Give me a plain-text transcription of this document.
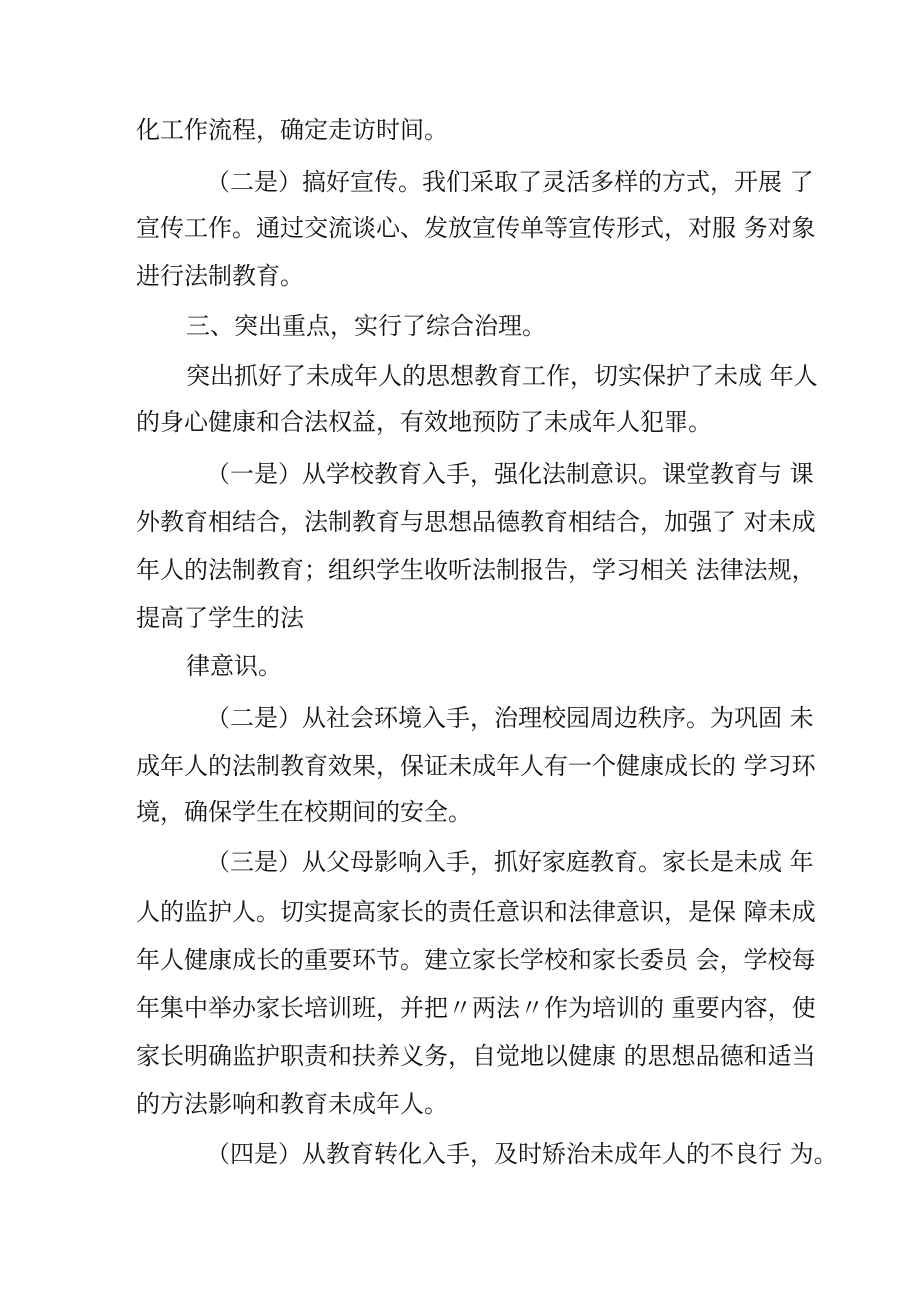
化工作流程，确定走访时间。
（二是）搞好宣传。我们采取了灵活多样的方式，开展 了
宣传工作。通过交流谈心、发放宣传单等宣传形式，对服 务对象
进行法制教育。
三、突出重点，实行了综合治理。
突出抓好了未成年人的思想教育工作，切实保护了未成 年人
的身心健康和合法权益，有效地预防了未成年人犯罪。
（一是）从学校教育入手，强化法制意识。课堂教育与 课
外教育相结合，法制教育与思想品德教育相结合，加强了 对未成
年人的法制教育；组织学生收听法制报告，学习相关 法律法规，
提高了学生的法
律意识。
（二是）从社会环境入手，治理校园周边秩序。为巩固 未
成年人的法制教育效果，保证未成年人有一个健康成长的 学习环
境，确保学生在校期间的安全。
（三是）从父母影响入手，抓好家庭教育。家长是未成 年
人的监护人。切实提高家长的责任意识和法律意识，是保 障未成
年人健康成长的重要环节。建立家长学校和家长委员 会，学校每
年集中举办家长培训班，并把〃两法〃作为培训的 重要内容，使
家长明确监护职责和扶养义务，自觉地以健康 的思想品德和适当
的方法影响和教育未成年人。
（四是）从教育转化入手，及时矫治未成年人的不良行 为。
